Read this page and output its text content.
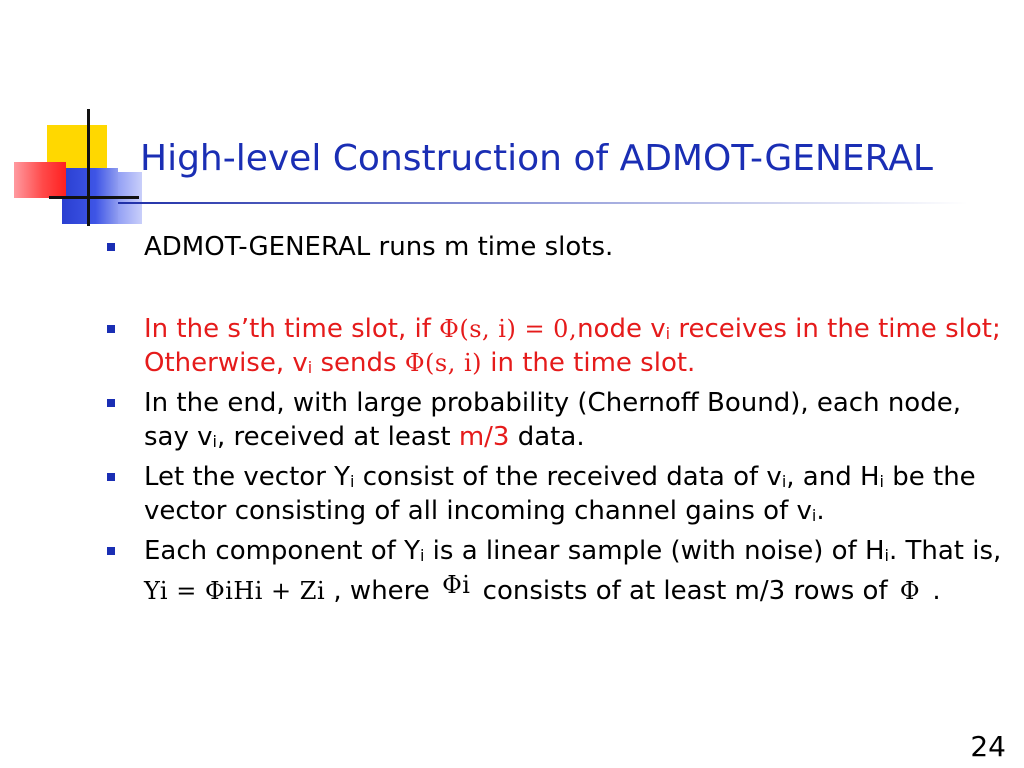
High-level Construction of ADMOT-GENERAL
ADMOT-GENERAL runs m time slots.
In the s’th time slot, if Φ(s, i) = 0,node $v_i$ receives in the time slot; Otherwise, $v_i$ sends Φ(s, i) in the time slot.
In the end, with large probability (Chernoff Bound), each node, say $v_i$, received at least m/3 data.
Let the vector $Y_i$ consist of the received data of $v_i$, and $H_i$ be the vector consisting of all incoming channel gains of $v_i$.
Each component of $Y_i$ is a linear sample (with noise) of $H_i$. That is, Yi = ΦiHi + Zi , where Φi consists of at least m/3 rows of Φ .
24
